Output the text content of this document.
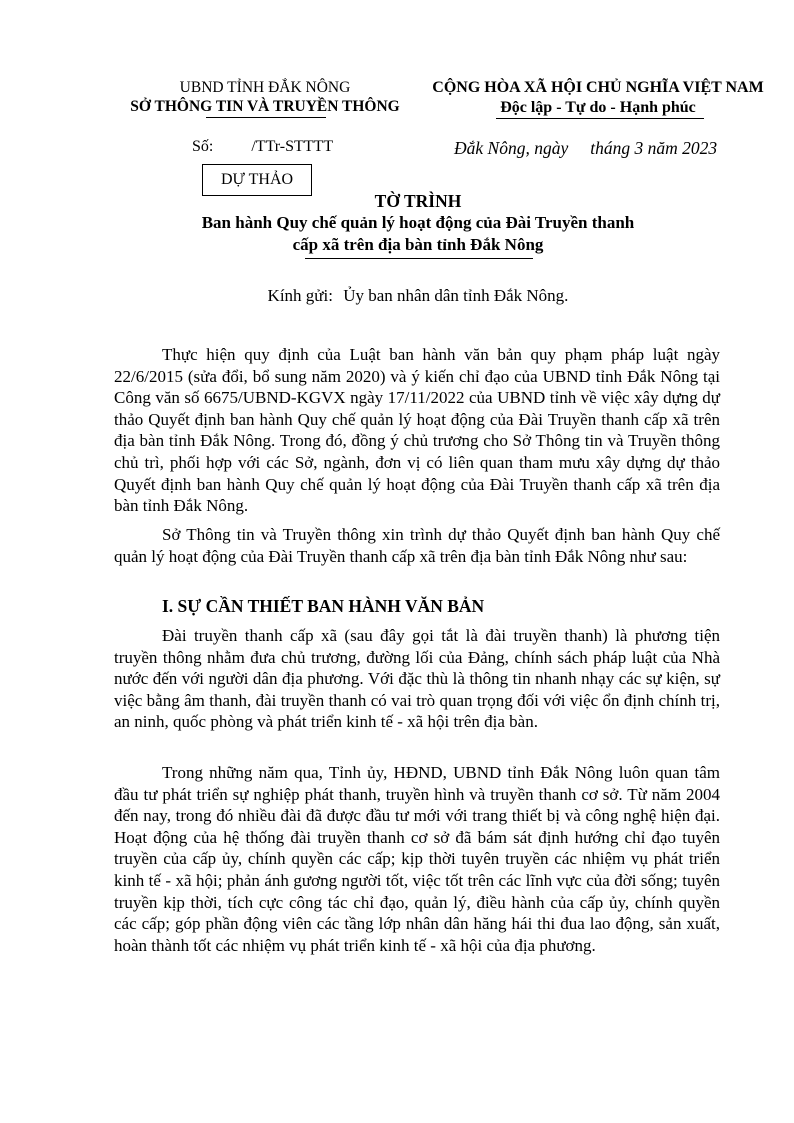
UBND TỈNH ĐẮK NÔNG
SỞ THÔNG TIN VÀ TRUYỀN THÔNG
CỘNG HÒA XÃ HỘI CHỦ NGHĨA VIỆT NAM
Độc lập - Tự do - Hạnh phúc
Số: /TTr-STTTT	Đắk Nông, ngày tháng 3 năm 2023
DỰ THẢO
TỜ TRÌNH
Ban hành Quy chế quản lý hoạt động của Đài Truyền thanh
cấp xã trên địa bàn tỉnh Đắk Nông
Kính gửi: Ủy ban nhân dân tỉnh Đắk Nông.

Thực hiện quy định của Luật ban hành văn bản quy phạm pháp luật ngày 22/6/2015 (sửa đổi, bổ sung năm 2020) và ý kiến chỉ đạo của UBND tỉnh Đắk Nông tại Công văn số 6675/UBND-KGVX ngày 17/11/2022 của UBND tỉnh về việc xây dựng dự thảo Quyết định ban hành Quy chế quản lý hoạt động của Đài Truyền thanh cấp xã trên địa bàn tỉnh Đắk Nông. Trong đó, đồng ý chủ trương cho Sở Thông tin và Truyền thông chủ trì, phối hợp với các Sở, ngành, đơn vị có liên quan tham mưu xây dựng dự thảo Quyết định ban hành Quy chế quản lý hoạt động của Đài Truyền thanh cấp xã trên địa bàn tỉnh Đắk Nông.

Sở Thông tin và Truyền thông xin trình dự thảo Quyết định ban hành Quy chế quản lý hoạt động của Đài Truyền thanh cấp xã trên địa bàn tỉnh Đắk Nông như sau:

I. SỰ CẦN THIẾT BAN HÀNH VĂN BẢN

Đài truyền thanh cấp xã (sau đây gọi tắt là đài truyền thanh) là phương tiện truyền thông nhằm đưa chủ trương, đường lối của Đảng, chính sách pháp luật của Nhà nước đến với người dân địa phương. Với đặc thù là thông tin nhanh nhạy các sự kiện, sự việc bằng âm thanh, đài truyền thanh có vai trò quan trọng đối với việc ổn định chính trị, an ninh, quốc phòng và phát triển kinh tế - xã hội trên địa bàn.

Trong những năm qua, Tỉnh ủy, HĐND, UBND tỉnh Đắk Nông luôn quan tâm đầu tư phát triển sự nghiệp phát thanh, truyền hình và truyền thanh cơ sở. Từ năm 2004 đến nay, trong đó nhiều đài đã được đầu tư mới với trang thiết bị và công nghệ hiện đại. Hoạt động của hệ thống đài truyền thanh cơ sở đã bám sát định hướng chỉ đạo tuyên truyền của cấp ủy, chính quyền các cấp; kịp thời tuyên truyền các nhiệm vụ phát triển kinh tế - xã hội; phản ánh gương người tốt, việc tốt trên các lĩnh vực của đời sống; tuyên truyền kịp thời, tích cực công tác chỉ đạo, quản lý, điều hành của cấp ủy, chính quyền các cấp; góp phần động viên các tầng lớp nhân dân hăng hái thi đua lao động, sản xuất, hoàn thành tốt các nhiệm vụ phát triển kinh tế - xã hội của địa phương.
